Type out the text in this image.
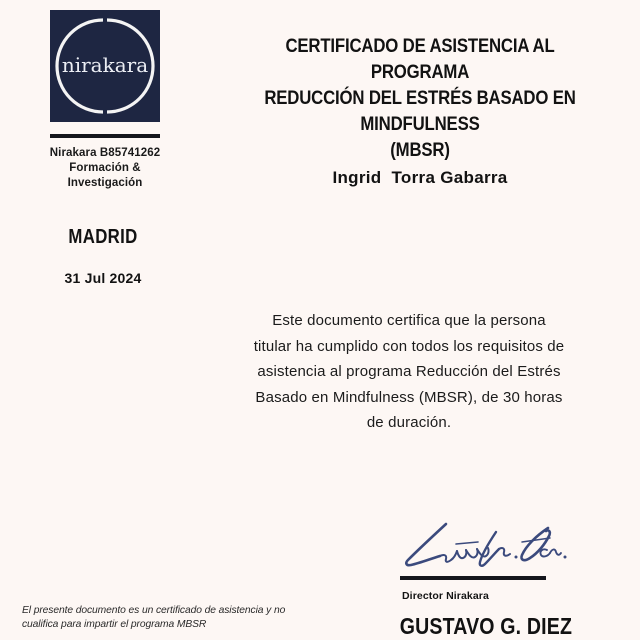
nirakara
Nirakara B85741262
Formación &
Investigación
CERTIFICADO DE ASISTENCIA AL PROGRAMA
REDUCCIÓN DEL ESTRÉS BASADO EN MINDFULNESS
(MBSR)
Ingrid  Torra Gabarra
MADRID
31 Jul 2024
Este documento certifica que la persona
titular ha cumplido con todos los requisitos de
asistencia al programa Reducción del Estrés
Basado en Mindfulness (MBSR), de 30 horas
de duración.
Director Nirakara
GUSTAVO G. DIEZ
El presente documento es un certificado de asistencia y no
cualifica para impartir el programa MBSR
